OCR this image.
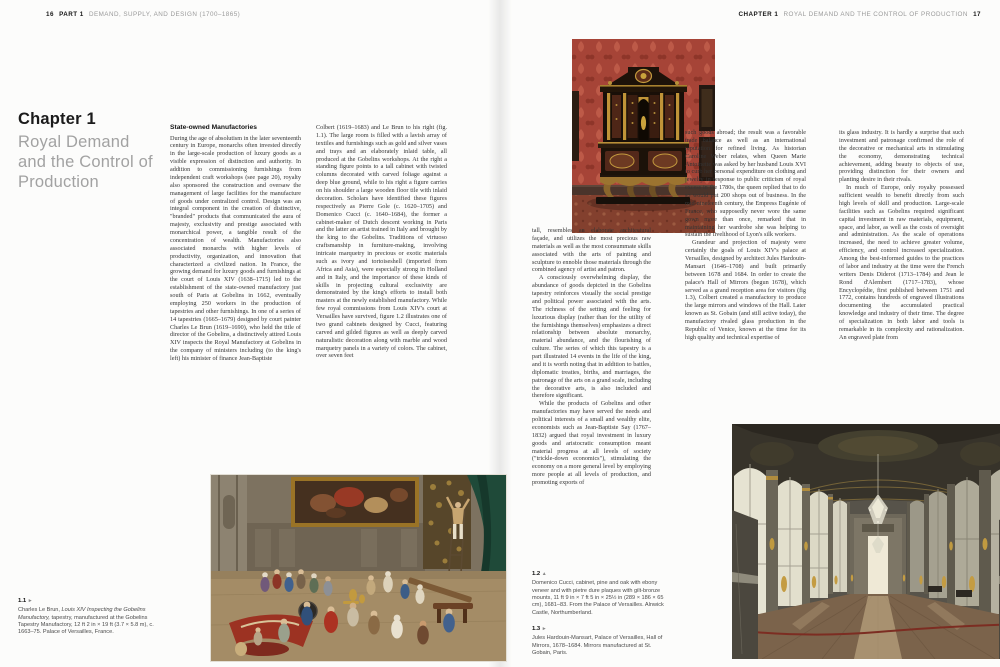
16 PART 1 DEMAND, SUPPLY, AND DESIGN (1700–1865)	CHAPTER 1 ROYAL DEMAND AND THE CONTROL OF PRODUCTION 17
Chapter 1
Royal Demand and the Control of Production
State-owned Manufactories

During the age of absolutism in the later seventeenth century in Europe, monarchs often invested directly in the large-scale production of luxury goods as a visible expression of distinction and authority. In addition to commissioning furnishings from independent craft workshops (see page 20), royalty also sponsored the construction and oversaw the management of large facilities for the manufacture of goods under centralized control. Design was an integral component in the creation of distinctive, "branded" products that communicated the aura of majesty, exclusivity and prestige associated with monarchical power, a tangible result of the concentration of wealth. Manufactories also associated monarchs with higher levels of productivity, organization, and innovation that characterized a civilized nation. In France, the growing demand for luxury goods and furnishings at the court of Louis XIV (1638–1715) led to the establishment of the state-owned manufactory just south of Paris at Gobelins in 1662, eventually employing 250 workers in the production of tapestries and other furnishings. In one of a series of 14 tapestries (1665–1679) designed by court painter Charles Le Brun (1619–1690), who held the title of director of the Gobelins, a distinctively attired Louis XIV inspects the Royal Manufactory at Gobelins in the company of ministers including (to the king's left) his minister of finance Jean-Baptiste

Colbert (1619–1683) and Le Brun to his right (fig. 1.1). The large room is filled with a lavish array of textiles and furnishings such as gold and silver vases and trays and an elaborately inlaid table, all produced at the Gobelins workshops. At the right a standing figure points to a tall cabinet with twisted columns decorated with carved foliage against a deep blue ground, while to his right a figure carries on his shoulder a large wooden floor tile with inlaid decoration. Scholars have identified these figures respectively as Pierre Gole (c. 1620–1705) and Domenico Cucci (c. 1640–1684), the former a cabinet-maker of Dutch descent working in Paris and the latter an artist trained in Italy and brought by the king to the Gobelins. Traditions of virtuoso craftsmanship in furniture-making, involving intricate marquetry in precious or exotic materials such as ivory and tortoiseshell (imported from Africa and Asia), were especially strong in Holland and in Italy, and the importance of these kinds of skills in projecting cultural exclusivity are demonstrated by the king's efforts to install both masters at the newly established manufactory. While few royal commissions from Louis XIV's court at Versailles have survived, figure 1.2 illustrates one of two grand cabinets designed by Cucci, featuring carved and gilded figures as well as deeply carved naturalistic decoration along with marble and wood marquetry panels in a variety of colors. The cabinet, over seven feet

1.1 ►
Charles Le Brun, Louis XIV Inspecting the Gobelins Manufactory, tapestry, manufactured at the Gobelins Tapestry Manufactory, 12 ft 2 in × 19 ft (3.7 × 5.8 m), c. 1663–75. Palace of Versailles, France.

tall, resembles an elaborate architectural façade, and utilizes the most precious raw materials as well as the most consummate skills associated with the arts of painting and sculpture to ennoble those materials through the combined agency of artist and patron.

A consciously overwhelming display, the abundance of goods depicted in the Gobelins tapestry reinforces visually the social prestige and political power associated with the arts. The richness of the setting and feeling for luxurious display (rather than for the utility of the furnishings themselves) emphasizes a direct relationship between absolute monarchy, material abundance, and the flourishing of culture. The series of which this tapestry is a part illustrated 14 events in the life of the king, and it is worth noting that in addition to battles, diplomatic treaties, births, and marriages, the patronage of the arts on a grand scale, including the decorative arts, is also included and therefore significant.

While the products of Gobelins and other manufactories may have served the needs and political interests of a small and wealthy elite, economists such as Jean-Baptiste Say (1767–1832) argued that royal investment in luxury goods and aristocratic consumption meant material progress at all levels of society ("trickle-down economics"), stimulating the economy on a more general level by employing more people at all levels of production, and promoting exports of

such goods abroad; the result was a favorable trade balance as well as an international reputation for refined living. As historian Caroline Weber relates, when Queen Marie Antoinette was asked by her husband Louis XVI to curb her personal expenditure on clothing and jewelry in response to public criticism of royal excess in the 1780s, the queen replied that to do so would put 200 shops out of business. In the mid-nineteenth century, the Empress Eugénie of France, who supposedly never wore the same gown more than once, remarked that in maintaining her wardrobe she was helping to sustain the livelihood of Lyon's silk workers.

Grandeur and projection of majesty were certainly the goals of Louis XIV's palace at Versailles, designed by architect Jules Hardouin-Mansart (1646–1708) and built primarily between 1678 and 1684. In order to create the palace's Hall of Mirrors (begun 1678), which served as a grand reception area for visitors (fig 1.3), Colbert created a manufactory to produce the large mirrors and windows of the Hall. Later known as St. Gobain (and still active today), the manufactory rivaled glass production in the Republic of Venice, known at the time for its high quality and technical expertise of

its glass industry. It is hardly a surprise that such investment and patronage confirmed the role of the decorative or mechanical arts in stimulating the economy, demonstrating technical achievement, adding beauty to objects of use, providing distinction for their owners and planting desire in their rivals.

In much of Europe, only royalty possessed sufficient wealth to benefit directly from such high levels of skill and production. Large-scale facilities such as Gobelins required significant capital investment in raw materials, equipment, space, and labor, as well as the costs of oversight and administration. As the scale of operations increased, the need to achieve greater volume, efficiency, and control increased specialization. Among the best-informed guides to the practices of labor and industry at the time were the French writers Denis Diderot (1713–1784) and Jean le Rond d'Alembert (1717–1783), whose Encyclopédie, first published between 1751 and 1772, contains hundreds of engraved illustrations documenting the accumulated practical knowledge and industry of their time. The degree of specialization in both labor and tools is remarkable in its complexity and rationalization. An engraved plate from

1.2 ▲
Domenico Cucci, cabinet, pine and oak with ebony veneer and with pietre dure plaques with gilt-bronze mounts, 11 ft 9 in × 7 ft 5 in × 25½ in (289 × 186 × 65 cm), 1681–83. From the Palace of Versailles. Alnwick Castle, Northumberland.
1.3 ►
Jules Hardouin-Mansart, Palace of Versailles, Hall of Mirrors, 1678–1684. Mirrors manufactured at St. Gobain, Paris.
